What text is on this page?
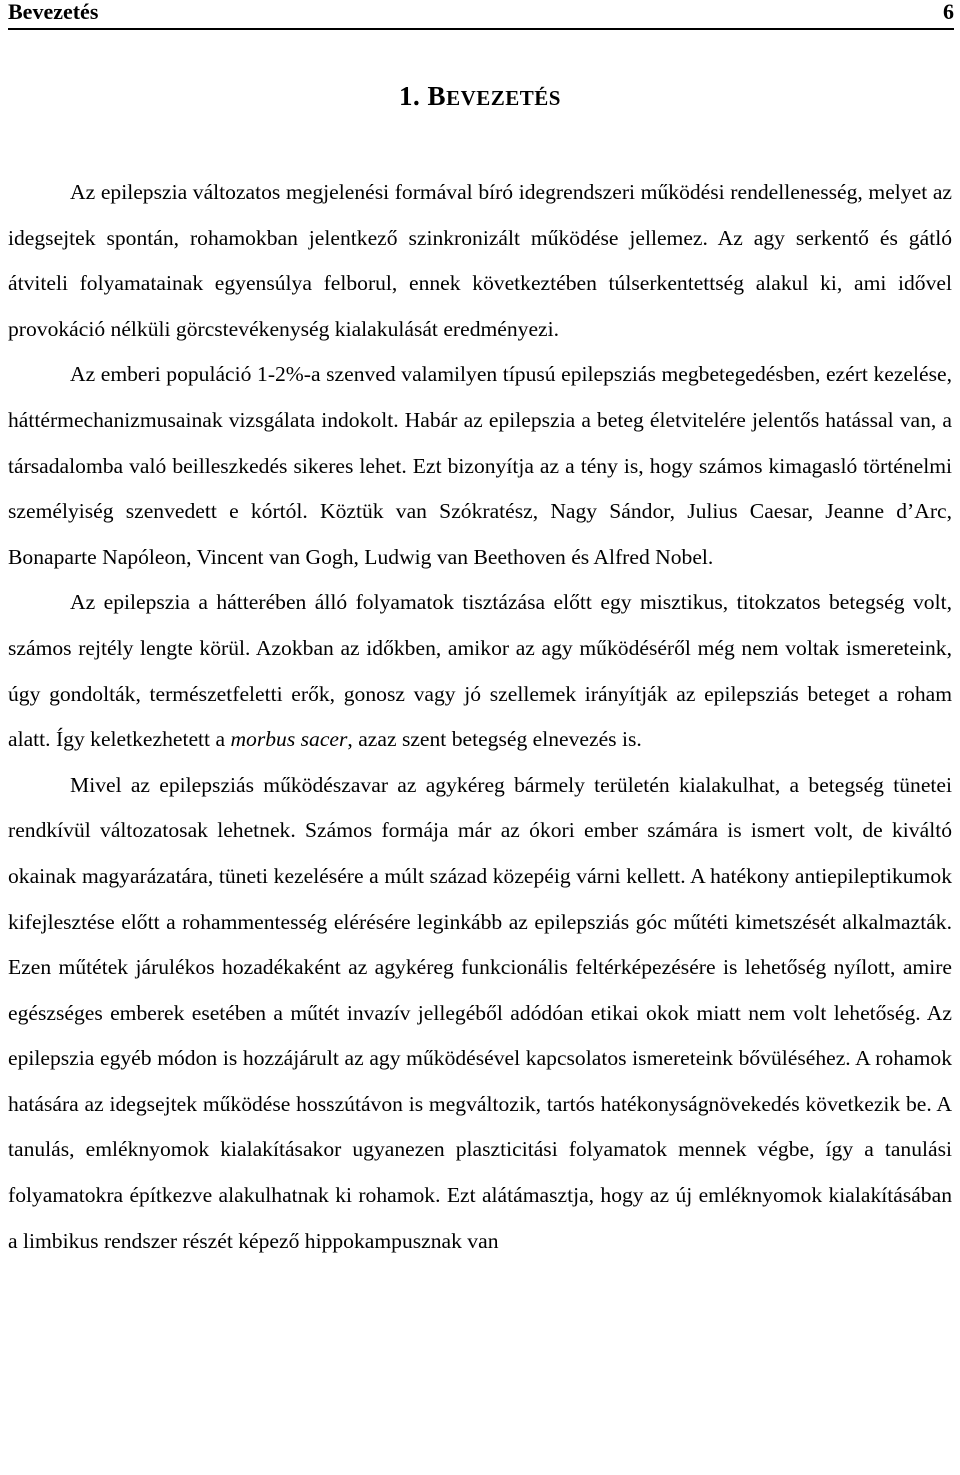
Bevezetés	6
1. BEVEZETÉS

Az epilepszia változatos megjelenési formával bíró idegrendszeri működési rendellenesség, melyet az idegsejtek spontán, rohamokban jelentkező szinkronizált működése jellemez. Az agy serkentő és gátló átviteli folyamatainak egyensúlya felborul, ennek következtében túlserkentettség alakul ki, ami idővel provokáció nélküli görcstevékenység kialakulását eredményezi.

Az emberi populáció 1-2%-a szenved valamilyen típusú epilepsziás megbetegedésben, ezért kezelése, háttérmechanizmusainak vizsgálata indokolt. Habár az epilepszia a beteg életvitelére jelentős hatással van, a társadalomba való beilleszkedés sikeres lehet. Ezt bizonyítja az a tény is, hogy számos kimagasló történelmi személyiség szenvedett e kórtól. Köztük van Szókratész, Nagy Sándor, Julius Caesar, Jeanne d’Arc, Bonaparte Napóleon, Vincent van Gogh, Ludwig van Beethoven és Alfred Nobel.

Az epilepszia a hátterében álló folyamatok tisztázása előtt egy misztikus, titokzatos betegség volt, számos rejtély lengte körül. Azokban az időkben, amikor az agy működéséről még nem voltak ismereteink, úgy gondolták, természetfeletti erők, gonosz vagy jó szellemek irányítják az epilepsziás beteget a roham alatt. Így keletkezhetett a morbus sacer, azaz szent betegség elnevezés is.

Mivel az epilepsziás működészavar az agykéreg bármely területén kialakulhat, a betegség tünetei rendkívül változatosak lehetnek. Számos formája már az ókori ember számára is ismert volt, de kiváltó okainak magyarázatára, tüneti kezelésére a múlt század közepéig várni kellett. A hatékony antiepileptikumok kifejlesztése előtt a rohammentesség elérésére leginkább az epilepsziás góc műtéti kimetszését alkalmazták. Ezen műtétek járulékos hozadékaként az agykéreg funkcionális feltérképezésére is lehetőség nyílott, amire egészséges emberek esetében a műtét invazív jellegéből adódóan etikai okok miatt nem volt lehetőség. Az epilepszia egyéb módon is hozzájárult az agy működésével kapcsolatos ismereteink bővüléséhez. A rohamok hatására az idegsejtek működése hosszútávon is megváltozik, tartós hatékonyságnövekedés következik be. A tanulás, emléknyomok kialakításakor ugyanezen plaszticitási folyamatok mennek végbe, így a tanulási folyamatokra építkezve alakulhatnak ki rohamok. Ezt alátámasztja, hogy az új emléknyomok kialakításában a limbikus rendszer részét képező hippokampusznak van
